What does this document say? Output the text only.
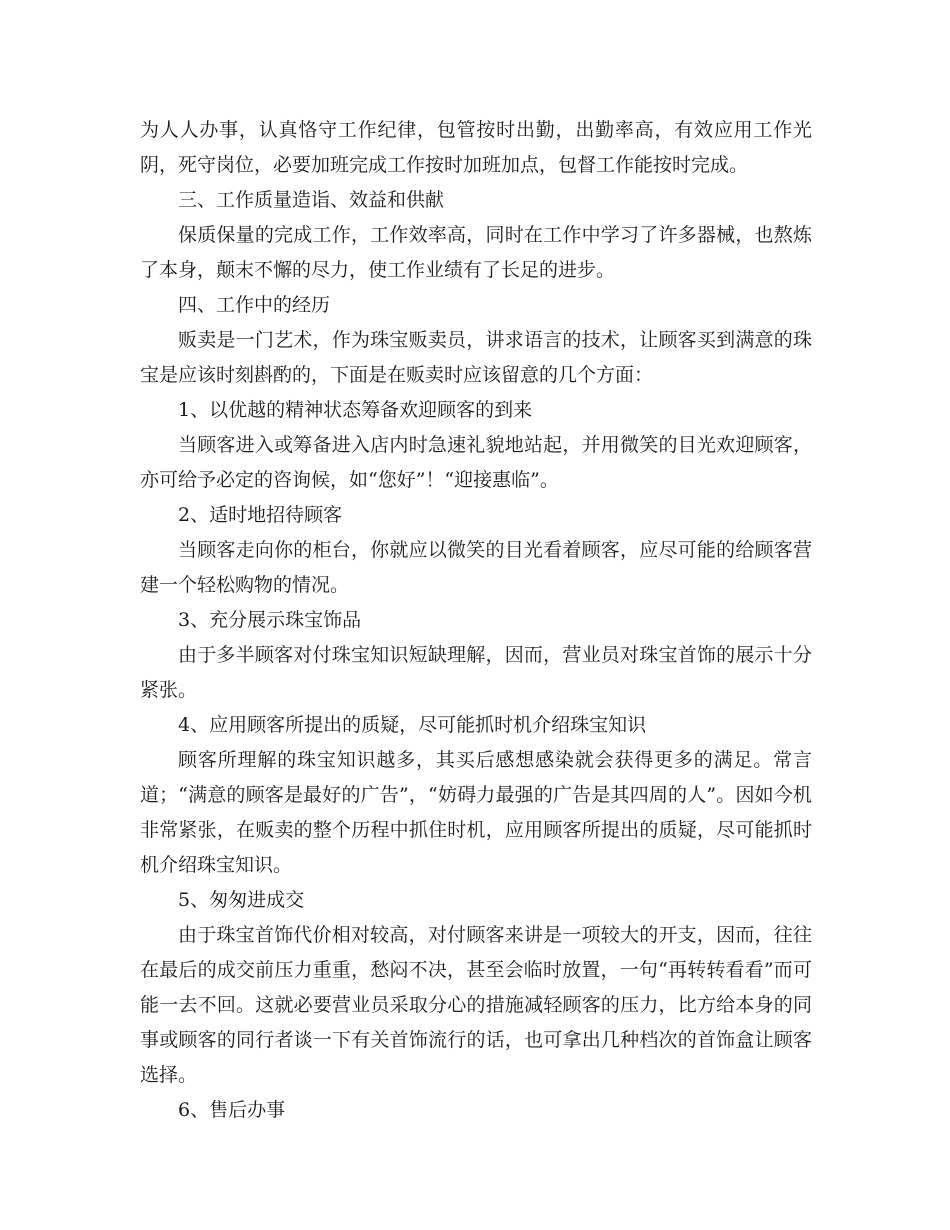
为人人办事，认真恪守工作纪律，包管按时出勤，出勤率高，有效应用工作光阴，死守岗位，必要加班完成工作按时加班加点，包督工作能按时完成。

三、工作质量造诣、效益和供献

保质保量的完成工作，工作效率高，同时在工作中学习了许多器械，也熬炼了本身，颠末不懈的尽力，使工作业绩有了长足的进步。

四、工作中的经历

贩卖是一门艺术，作为珠宝贩卖员，讲求语言的技术，让顾客买到满意的珠宝是应该时刻斟酌的，下面是在贩卖时应该留意的几个方面：

1、以优越的精神状态筹备欢迎顾客的到来

当顾客进入或筹备进入店内时急速礼貌地站起，并用微笑的目光欢迎顾客，亦可给予必定的咨询候，如“您好”！“迎接惠临”。

2、适时地招待顾客

当顾客走向你的柜台，你就应以微笑的目光看着顾客，应尽可能的给顾客营建一个轻松购物的情况。

3、充分展示珠宝饰品

由于多半顾客对付珠宝知识短缺理解，因而，营业员对珠宝首饰的展示十分紧张。

4、应用顾客所提出的质疑，尽可能抓时机介绍珠宝知识

顾客所理解的珠宝知识越多，其买后感想感染就会获得更多的满足。常言道；“满意的顾客是最好的广告”，“妨碍力最强的广告是其四周的人”。因如今机非常紧张，在贩卖的整个历程中抓住时机，应用顾客所提出的质疑，尽可能抓时机介绍珠宝知识。

5、匆匆进成交

由于珠宝首饰代价相对较高，对付顾客来讲是一项较大的开支，因而，往往在最后的成交前压力重重，愁闷不决，甚至会临时放置，一句“再转转看看”而可能一去不回。这就必要营业员采取分心的措施减轻顾客的压力，比方给本身的同事或顾客的同行者谈一下有关首饰流行的话，也可拿出几种档次的首饰盒让顾客选择。

6、售后办事
